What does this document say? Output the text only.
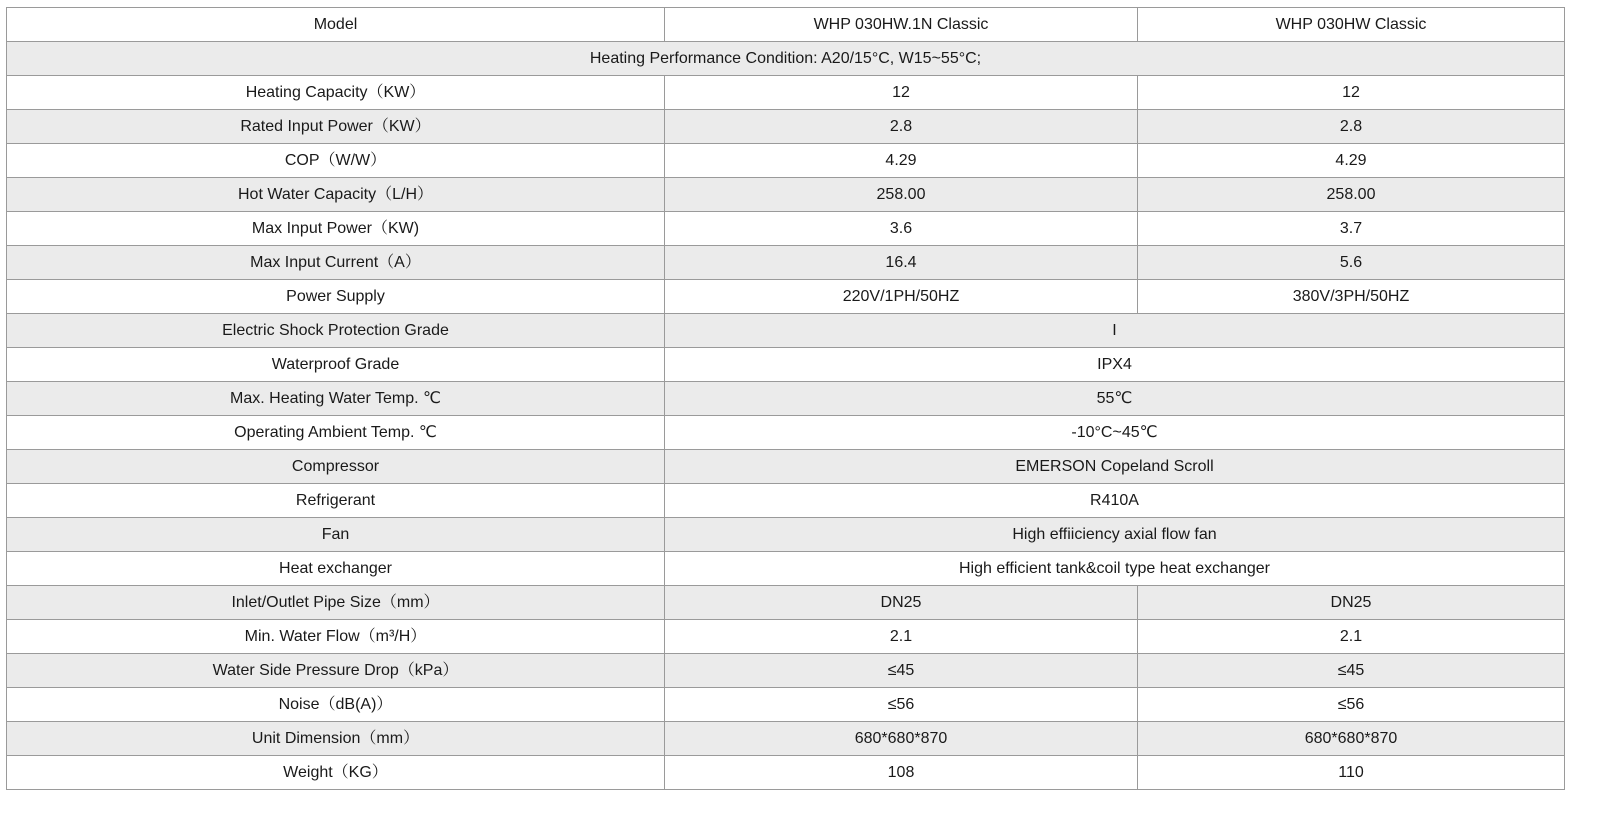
Model	WHP 030HW.1N Classic	WHP 030HW Classic
Heating Performance Condition: A20/15°C, W15~55°C;		
Heating Capacity（KW）	12	12
Rated Input Power（KW）	2.8	2.8
COP（W/W）	4.29	4.29
Hot Water Capacity（L/H）	258.00	258.00
Max Input Power（KW)	3.6	3.7
Max Input Current（A）	16.4	5.6
Power Supply	220V/1PH/50HZ	380V/3PH/50HZ
Electric Shock Protection Grade	I	
Waterproof Grade	IPX4	
Max. Heating Water Temp. ℃	55℃	
Operating Ambient Temp. ℃	-10°C~45℃	
Compressor	EMERSON Copeland Scroll	
Refrigerant	R410A	
Fan	High effiiciency axial flow fan	
Heat exchanger	High efficient tank&coil type heat exchanger	
Inlet/Outlet Pipe Size（mm）	DN25	DN25
Min. Water Flow（m³/H）	2.1	2.1
Water Side Pressure Drop（kPa）	≤45	≤45
Noise（dB(A)）	≤56	≤56
Unit Dimension（mm）	680*680*870	680*680*870
Weight（KG）	108	110
